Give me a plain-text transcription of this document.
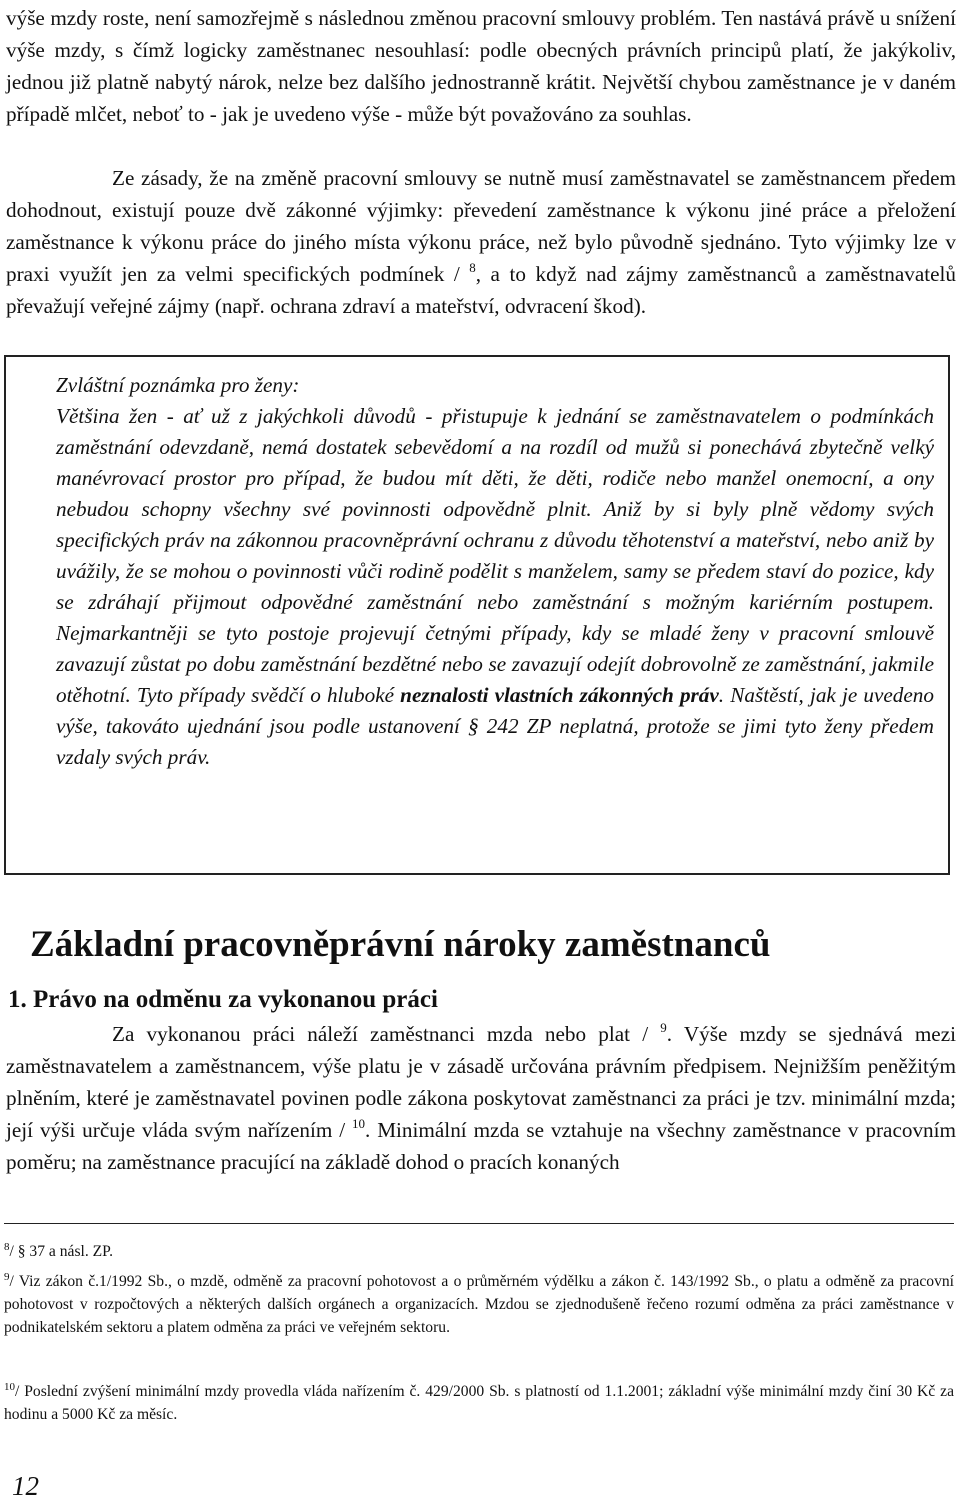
výše mzdy roste, není samozřejmě s následnou změnou pracovní smlouvy problém. Ten nastává právě u snížení výše mzdy, s čímž logicky zaměstnanec nesouhlasí: podle obecných právních principů platí, že jakýkoliv, jednou již platně nabytý nárok, nelze bez dalšího jednostranně krátit. Největší chybou zaměstnance je v daném případě mlčet, neboť to - jak je uvedeno výše - může být považováno za souhlas.

Ze zásady, že na změně pracovní smlouvy se nutně musí zaměstnavatel se zaměstnancem předem dohodnout, existují pouze dvě zákonné výjimky: převedení zaměstnance k výkonu jiné práce a přeložení zaměstnance k výkonu práce do jiného místa výkonu práce, než bylo původně sjednáno. Tyto výjimky lze v praxi využít jen za velmi specifických podmínek / $^8$, a to když nad zájmy zaměstnanců a zaměstnavatelů převažují veřejné zájmy (např. ochrana zdraví a mateřství, odvracení škod).

Zvláštní poznámka pro ženy:

Většina žen - ať už z jakýchkoli důvodů - přistupuje k jednání se zaměstnavatelem o podmínkách zaměstnání odevzdaně, nemá dostatek sebevědomí a na rozdíl od mužů si ponechává zbytečně velký manévrovací prostor pro případ, že budou mít děti, že děti, rodiče nebo manžel onemocní, a ony nebudou schopny všechny své povinnosti odpovědně plnit. Aniž by si byly plně vědomy svých specifických práv na zákonnou pracovněprávní ochranu z důvodu těhotenství a mateřství, nebo aniž by uvážily, že se mohou o povinnosti vůči rodině podělit s manželem, samy se předem staví do pozice, kdy se zdráhají přijmout odpovědné zaměstnání nebo zaměstnání s možným kariérním postupem. Nejmarkantněji se tyto postoje projevují četnými případy, kdy se mladé ženy v pracovní smlouvě zavazují zůstat po dobu zaměstnání bezdětné nebo se zavazují odejít dobrovolně ze zaměstnání, jakmile otěhotní. Tyto případy svědčí o hluboké neznalosti vlastních zákonných práv. Naštěstí, jak je uvedeno výše, takováto ujednání jsou podle ustanovení § 242 ZP neplatná, protože se jimi tyto ženy předem vzdaly svých práv.

Základní pracovněprávní nároky zaměstnanců
1. Právo na odměnu za vykonanou práci

Za vykonanou práci náleží zaměstnanci mzda nebo plat / $^9$. Výše mzdy se sjednává mezi zaměstnavatelem a zaměstnancem, výše platu je v zásadě určována právním předpisem. Nejnižším peněžitým plněním, které je zaměstnavatel povinen podle zákona poskytovat zaměstnanci za práci je tzv. minimální mzda; její výši určuje vláda svým nařízením / $^{10}$. Minimální mzda se vztahuje na všechny zaměstnance v pracovním poměru; na zaměstnance pracující na základě dohod o pracích konaných

$^8$/ § 37 a násl. ZP.

$^9$/ Viz zákon č.1/1992 Sb., o mzdě, odměně za pracovní pohotovost a o průměrném výdělku a zákon č. 143/1992 Sb., o platu a odměně za pracovní pohotovost v rozpočtových a některých dalších orgánech a organizacích. Mzdou se zjednodušeně řečeno rozumí odměna za práci zaměstnance v podnikatelském sektoru a platem odměna za práci ve veřejném sektoru.

$^{10}$/ Poslední zvýšení minimální mzdy provedla vláda nařízením č. 429/2000 Sb. s platností od 1.1.2001; základní výše minimální mzdy činí 30 Kč za hodinu a 5000 Kč za měsíc.

12
